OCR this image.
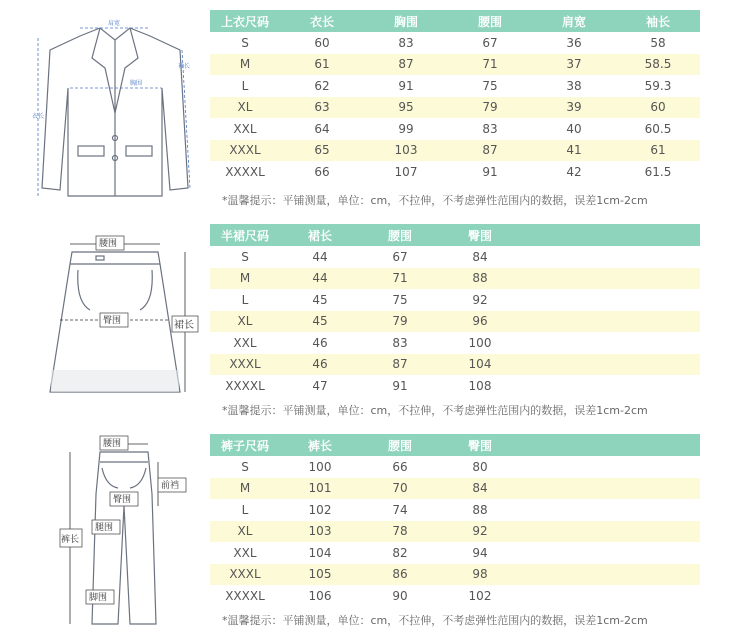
肩宽
衣长
胸围
袖长
上衣尺码	衣长	胸围	腰围	肩宽	袖长
S	60	83	67	36	58
M	61	87	71	37	58.5
L	62	91	75	38	59.3
XL	63	95	79	39	60
XXL	64	99	83	40	60.5
XXXL	65	103	87	41	61
XXXXL	66	107	91	42	61.5
*温馨提示：平铺测量，单位：cm，不拉伸，不考虑弹性范围内的数据，误差1cm-2cm
腰围
臀围	裙长
半裙尺码	裙长	腰围	臀围	
S	44	67	84	
M	44	71	88	
L	45	75	92	
XL	45	79	96	
XXL	46	83	100	
XXXL	46	87	104	
XXXXL	47	91	108	
*温馨提示：平铺测量，单位：cm，不拉伸，不考虑弹性范围内的数据，误差1cm-2cm
腰围
前裆
臀围
腿围
裤长
脚围
裤子尺码	裤长	腰围	臀围	
S	100	66	80	
M	101	70	84	
L	102	74	88	
XL	103	78	92	
XXL	104	82	94	
XXXL	105	86	98	
XXXXL	106	90	102	
*温馨提示：平铺测量，单位：cm，不拉伸，不考虑弹性范围内的数据，误差1cm-2cm
